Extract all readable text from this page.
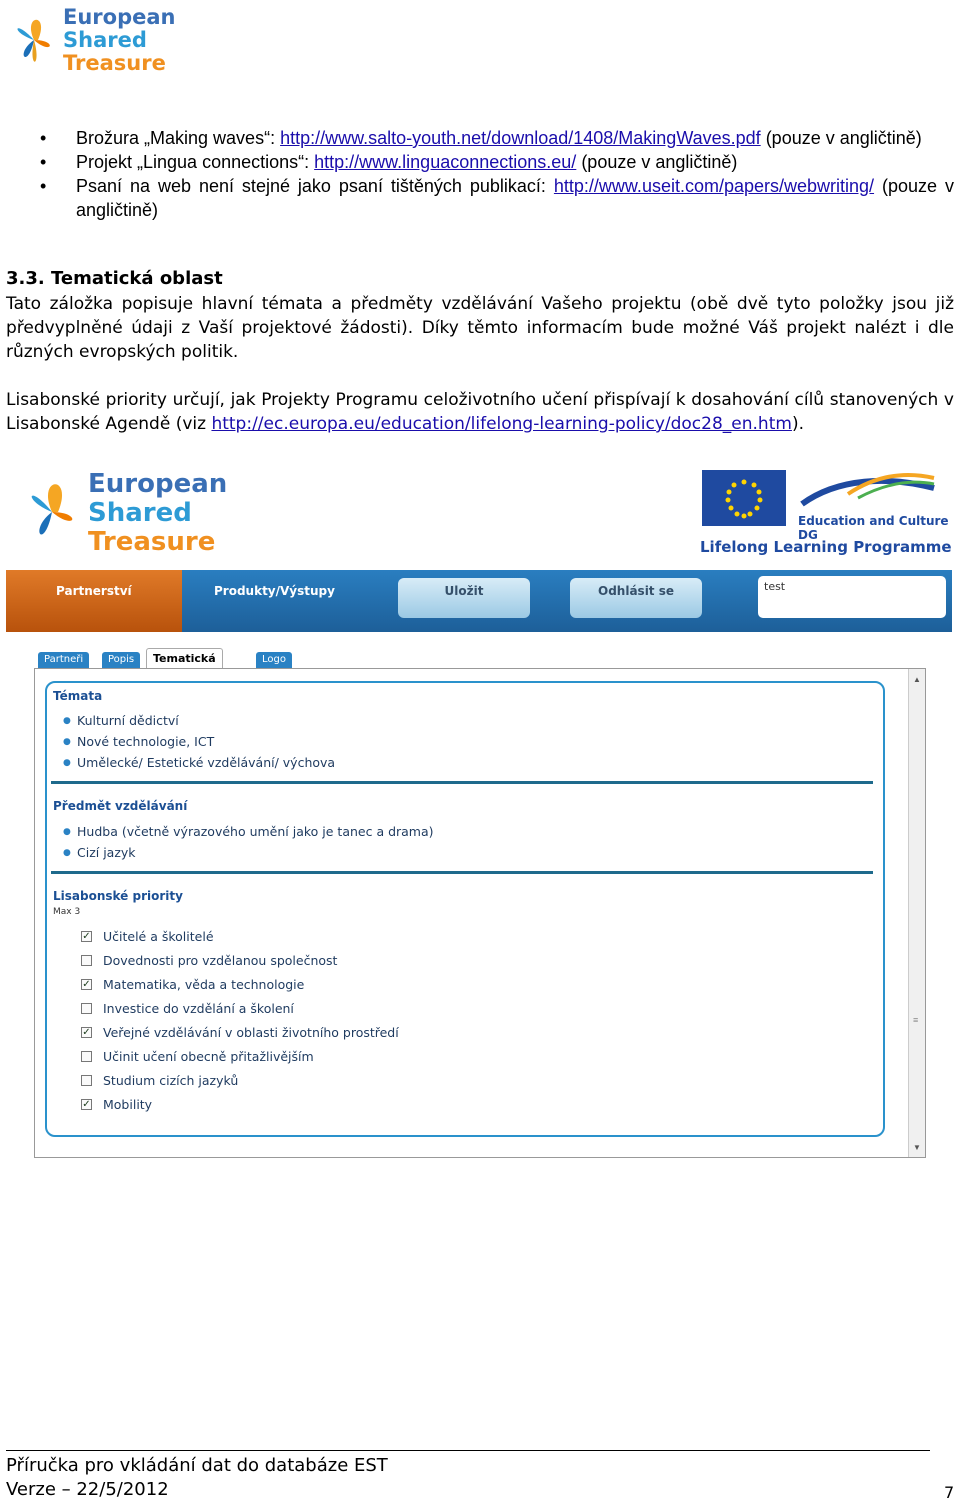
European
Shared
Treasure
• Brožura „Making waves“: http://www.salto-youth.net/download/1408/MakingWaves.pdf (pouze v angličtině)
• Projekt „Lingua connections“: http://www.linguaconnections.eu/ (pouze v angličtině)
• Psaní na web není stejné jako psaní tištěných publikací: http://www.useit.com/papers/webwriting/ (pouze v angličtině)
3.3. Tematická oblast
Tato záložka popisuje hlavní témata a předměty vzdělávání Vašeho projektu (obě dvě tyto položky jsou již předvyplněné údaji z Vaší projektové žádosti). Díky těmto informacím bude možné Váš projekt nalézt i dle různých evropských politik.
Lisabonské priority určují, jak Projekty Programu celoživotního učení přispívají k dosahování cílů stanovených v Lisabonské Agendě (viz http://ec.europa.eu/education/lifelong-learning-policy/doc28_en.htm).
European
Shared
Treasure
Education and Culture DG
Lifelong Learning Programme
Partnerství	Produkty/Výstupy	Uložit	Odhlásit se	test
Partneři	Popis	Tematická	Logo
▲
≡
▼
Témata
● Kulturní dědictví
● Nové technologie, ICT
● Umělecké/ Estetické vzdělávání/ výchova
Předmět vzdělávání
● Hudba (včetně výrazového umění jako je tanec a drama)
● Cizí jazyk
Lisabonské priority
Max 3
✓ Učitelé a školitelé
Dovednosti pro vzdělanou společnost
✓ Matematika, věda a technologie
Investice do vzdělání a školení
✓ Veřejné vzdělávání v oblasti životního prostředí
Učinit učení obecně přitažlivějším
Studium cizích jazyků
✓ Mobility
Příručka pro vkládání dat do databáze EST
Verze – 22/5/2012	7
